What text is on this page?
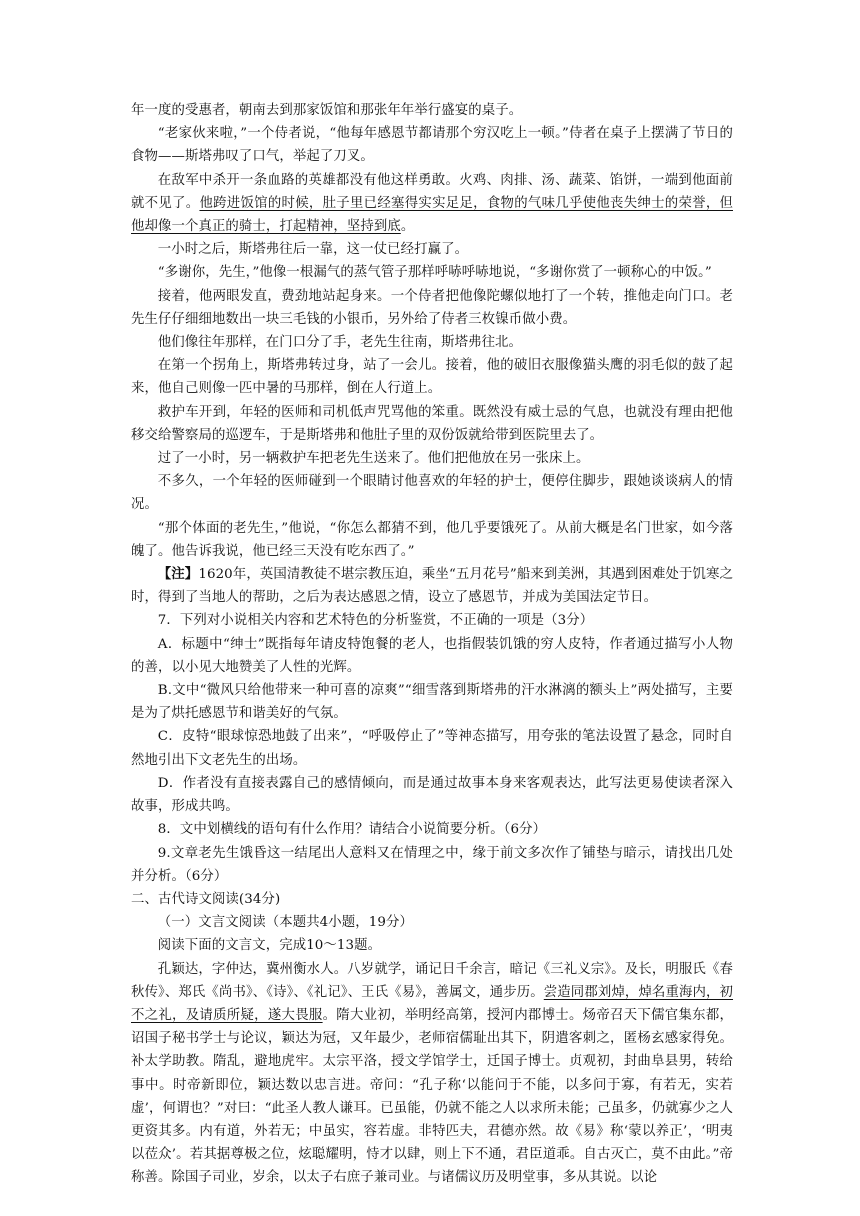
年一度的受惠者，朝南去到那家饭馆和那张年年举行盛宴的桌子。

“老家伙来啦，”一个侍者说，“他每年感恩节都请那个穷汉吃上一顿。”侍者在桌子上摆满了节日的食物——斯塔弗叹了口气，举起了刀叉。

在敌军中杀开一条血路的英雄都没有他这样勇敢。火鸡、肉排、汤、蔬菜、馅饼，一端到他面前就不见了。他跨进饭馆的时候，肚子里已经塞得实实足足，食物的气味几乎使他丧失绅士的荣誉，但他却像一个真正的骑士，打起精神，坚持到底。

一小时之后，斯塔弗往后一靠，这一仗已经打赢了。

“多谢你，先生，”他像一根漏气的蒸气管子那样呼哧呼哧地说，“多谢你赏了一顿称心的中饭。”

接着，他两眼发直，费劲地站起身来。一个侍者把他像陀螺似地打了一个转，推他走向门口。老先生仔仔细细地数出一块三毛钱的小银币，另外给了侍者三枚镍币做小费。

他们像往年那样，在门口分了手，老先生往南，斯塔弗往北。

在第一个拐角上，斯塔弗转过身，站了一会儿。接着，他的破旧衣服像猫头鹰的羽毛似的鼓了起来，他自己则像一匹中暑的马那样，倒在人行道上。

救护车开到，年轻的医师和司机低声咒骂他的笨重。既然没有威士忌的气息，也就没有理由把他移交给警察局的巡逻车，于是斯塔弗和他肚子里的双份饭就给带到医院里去了。

过了一小时，另一辆救护车把老先生送来了。他们把他放在另一张床上。

不多久，一个年轻的医师碰到一个眼睛讨他喜欢的年轻的护士，便停住脚步，跟她谈谈病人的情况。

“那个体面的老先生，”他说，“你怎么都猜不到，他几乎要饿死了。从前大概是名门世家，如今落魄了。他告诉我说，他已经三天没有吃东西了。”

【注】1620年，英国清教徒不堪宗教压迫，乘坐“五月花号”船来到美洲，其遇到困难处于饥寒之时，得到了当地人的帮助，之后为表达感恩之情，设立了感恩节，并成为美国法定节日。

7．下列对小说相关内容和艺术特色的分析鉴赏，不正确的一项是（3分）

A．标题中“绅士”既指每年请皮特饱餐的老人，也指假装饥饿的穷人皮特，作者通过描写小人物的善，以小见大地赞美了人性的光辉。

B.文中“微风只给他带来一种可喜的凉爽”“细雪落到斯塔弗的汗水淋漓的额头上”两处描写，主要是为了烘托感恩节和谐美好的气氛。

C．皮特“眼球惊恐地鼓了出来”，“呼吸停止了”等神态描写，用夸张的笔法设置了悬念，同时自然地引出下文老先生的出场。

D．作者没有直接表露自己的感情倾向，而是通过故事本身来客观表达，此写法更易使读者深入故事，形成共鸣。

8．文中划横线的语句有什么作用？请结合小说简要分析。（6分）

9.文章老先生饿昏这一结尾出人意料又在情理之中，缘于前文多次作了铺垫与暗示，请找出几处并分析。（6分）

二、古代诗文阅读(34分)

（一）文言文阅读（本题共4小题，19分）

阅读下面的文言文，完成10～13题。

孔颖达，字仲达，冀州衡水人。八岁就学，诵记日千余言，暗记《三礼义宗》。及长，明服氏《春秋传》、郑氏《尚书》、《诗》、《礼记》、王氏《易》，善属文，通步历。尝造同郡刘焯，焯名重海内，初不之礼，及请质所疑，遂大畏服。隋大业初，举明经高第，授河内郡博士。炀帝召天下儒官集东都，诏国子秘书学士与论议，颖达为冠，又年最少，老师宿儒耻出其下，阴遣客刺之，匿杨玄感家得免。补太学助教。隋乱，避地虎牢。太宗平洛，授文学馆学士，迁国子博士。贞观初，封曲阜县男，转给事中。时帝新即位，颖达数以忠言进。帝问：“孔子称‘以能问于不能，以多问于寡，有若无，实若虚’，何谓也？”对曰：“此圣人教人谦耳。已虽能，仍就不能之人以求所未能；己虽多，仍就寡少之人更资其多。内有道，外若无；中虽实，容若虚。非特匹夫，君德亦然。故《易》称‘蒙以养正’，‘明夷以莅众’。若其据尊极之位，炫聪耀明，恃才以肆，则上下不通，君臣道乖。自古灭亡，莫不由此。”帝称善。除国子司业，岁余，以太子右庶子兼司业。与诸儒议历及明堂事，多从其说。以论
